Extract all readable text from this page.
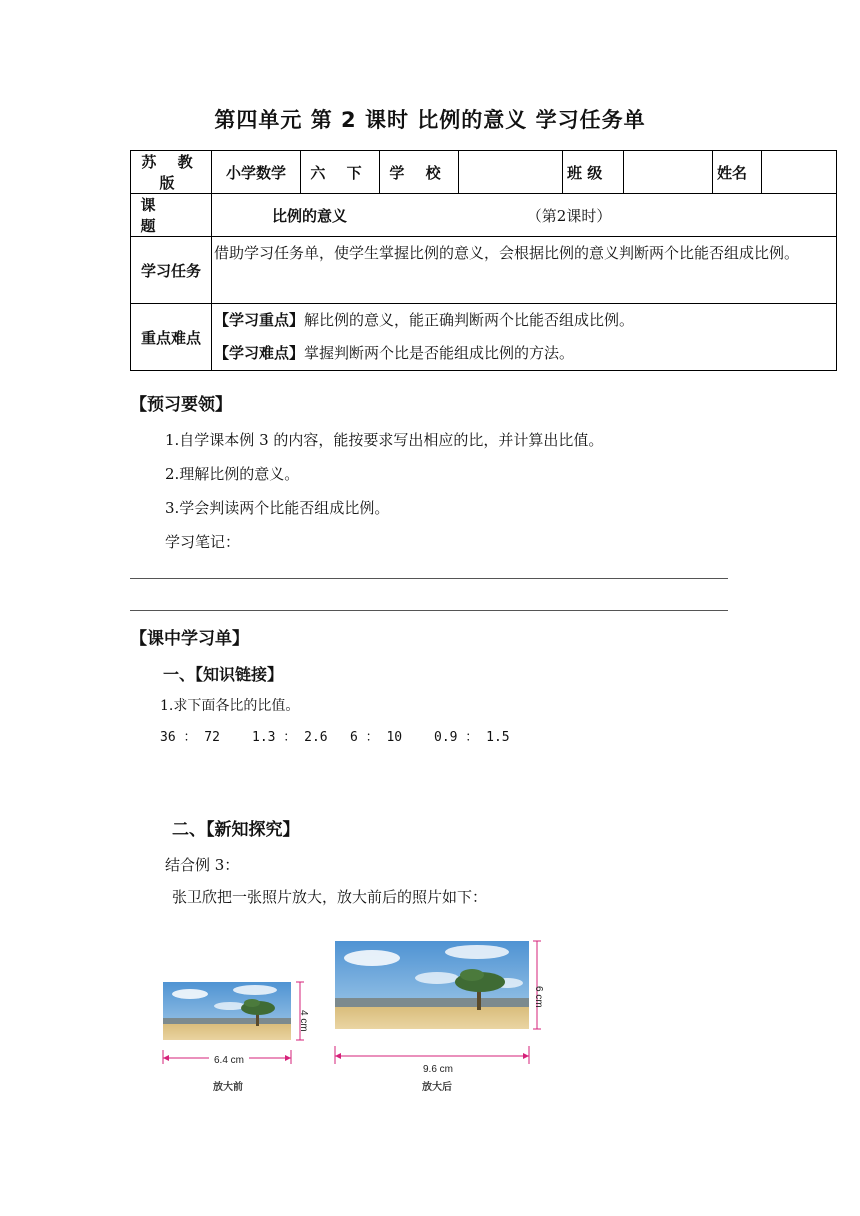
第四单元 第 2 课时 比例的意义 学习任务单
苏 教 版	小学数学	六 下	学 校		班 级		姓名	
课 题	比例的意义 （第2课时）							
学习任务	借助学习任务单，使学生掌握比例的意义，会根据比例的意义判断两个比能否组成比例。							
重点难点	【学习重点】解比例的意义，能正确判断两个比能否组成比例。
【学习难点】掌握判断两个比是否能组成比例的方法。							
【预习要领】
1.自学课本例 3 的内容，能按要求写出相应的比，并计算出比值。
2.理解比例的意义。
3.学会判读两个比能否组成比例。
学习笔记：
【课中学习单】
一、【知识链接】
1.求下面各比的比值。
36 ： 72 1.3 ： 2.6 6 ： 10 0.9 ： 1.5
二、【新知探究】
结合例 3：
张卫欣把一张照片放大，放大前后的照片如下：
4 cm
6.4 cm
放大前
6 cm
9.6 cm
放大后
